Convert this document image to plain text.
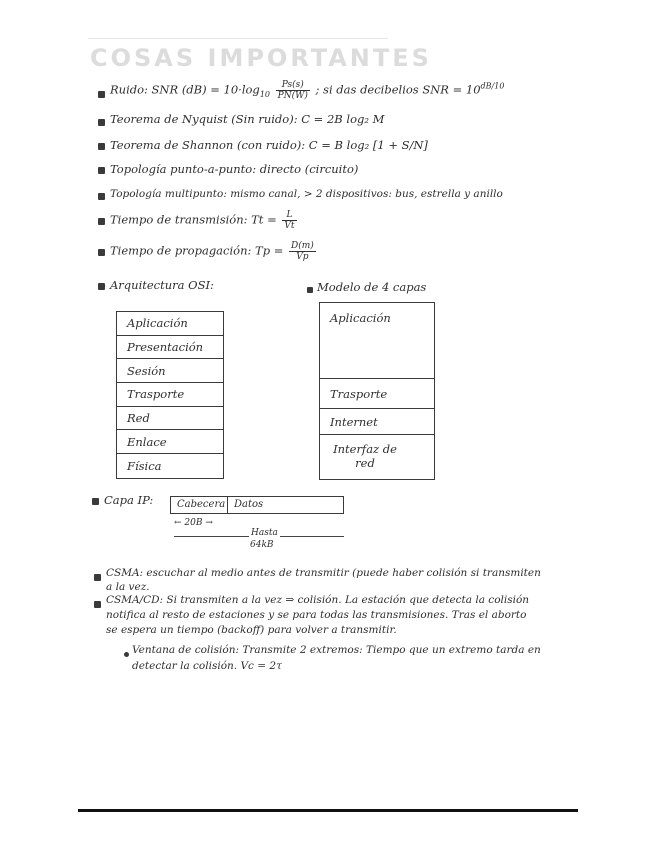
COSAS IMPORTANTES
Ruido: SNR $(dB) = 10\cdot\log_{10} \frac{Ps(s)}{PN(W)}$ ; si das decibelios SNR = $10^{dB/10}$
Teorema de Nyquist (Sin ruido): C = 2B log₂ M
Teorema de Shannon (con ruido): C = B log₂ [1 + S/N]
Topología punto-a-punto: directo (circuito)
Topología multipunto: mismo canal, > 2 dispositivos: bus, estrella y anillo
Tiempo de transmisión: $Tt = \frac{L}{Vt}$
Tiempo de propagación: $Tp = \frac{D(m)}{Vp}$
Arquitectura OSI:	Modelo de 4 capas
Aplicación
Presentación
Sesión
Trasporte
Red
Enlace
Física
Aplicación
Trasporte
Internet
Interfaz de red
Capa IP:	Cabecera Datos
← 20B →
Hasta
64kB
CSMA: escuchar al medio antes de transmitir (puede haber colisión si transmiten
a la vez.
CSMA/CD: Si transmiten a la vez ⇒ colisión. La estación que detecta la colisión
notifica al resto de estaciones y se para todas las transmisiones. Tras el aborto
se espera un tiempo (backoff) para volver a transmitir.
Ventana de colisión: Transmite 2 extremos: Tiempo que un extremo tarda en
detectar la colisión. Vc = 2τ
